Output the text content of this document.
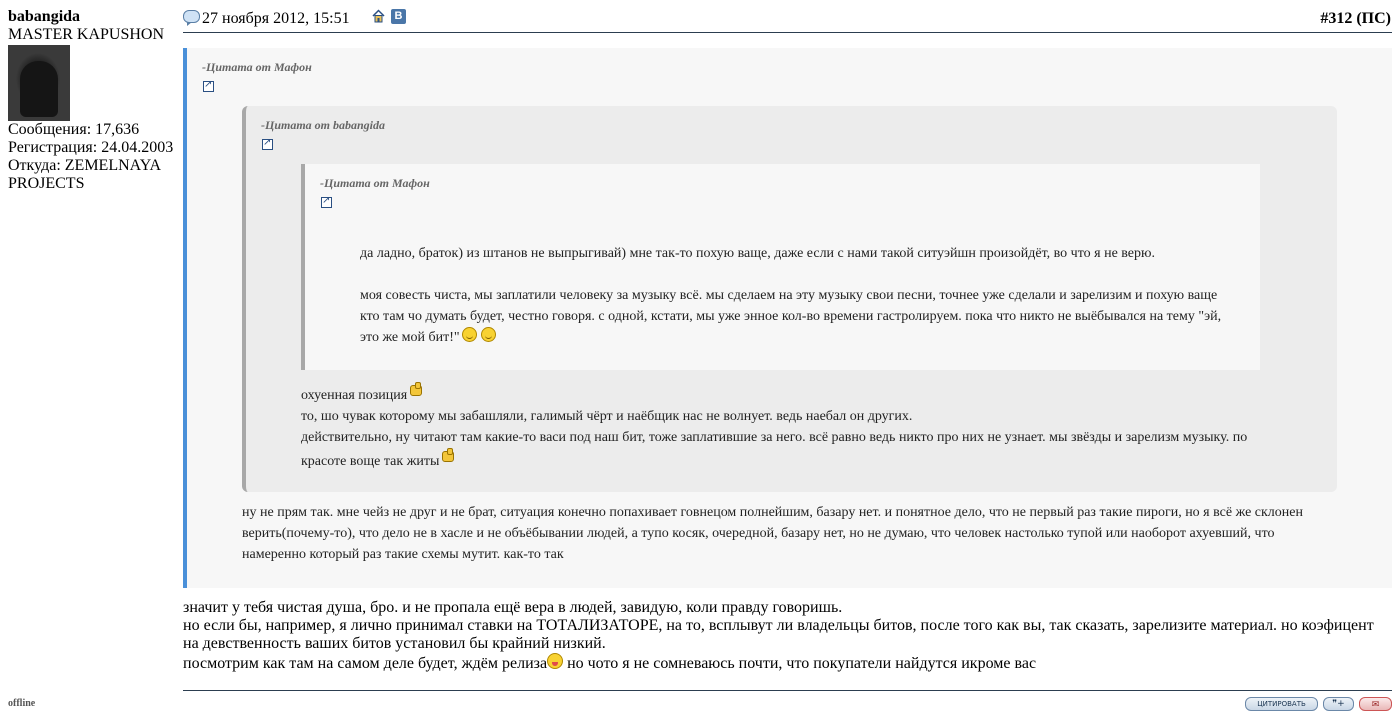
babangida
MASTER KAPUSHON
Сообщения: 17,636
Регистрация: 24.04.2003
Откуда: ZEMELNAYA
PROJECTS
offline
27 ноября 2012, 15:51	В	#312 (ПС)
-Цитата от Мафон
↗
-Цитата от babangida
↗
-Цитата от Мафон
↗
да ладно, браток) из штанов не выпрыгивай) мне так-то похую ваще, даже если с нами такой ситуэйшн произойдёт, во что я не верю.
моя совесть чиста, мы заплатили человеку за музыку всё. мы сделаем на эту музыку свои песни, точнее уже сделали и зарелизим и похую ваще
кто там чо думать будет, честно говоря. с одной, кстати, мы уже энное кол-во времени гастролируем. пока что никто не выёбывался на тему "эй,
это же мой бит!"
охуенная позиция
то, шо чувак которому мы забашляли, галимый чёрт и наёбщик нас не волнует. ведь наебал он других.
действительно, ну читают там какие-то васи под наш бит, тоже заплатившие за него. всё равно ведь никто про них не узнает. мы звёзды и зарелизм музыку. по
красоте вощe так житы
ну не прям так. мне чейз не друг и не брат, ситуация конечно попахивает говнецом полнейшим, базару нет. и понятное дело, что не первый раз такие пироги, но я всё же склонен
верить(почему-то), что дело не в хасле и не объёбывании людей, а тупо косяк, очередной, базару нет, но не думаю, что человек настолько тупой или наоборот ахуевший, что
намеренно который раз такие схемы мутит. как-то так
значит у тебя чистая душа, бро. и не пропала ещё вера в людей, завидую, коли правду говоришь.
но если бы, например, я лично принимал ставки на ТОТАЛИЗАТОРЕ, на то, всплывут ли владельцы битов, после того как вы, так сказать, зарелизите материал. но коэфицент
на девственность ваших битов установил бы крайний низкий.
посмотрим как там на самом деле будет, ждём релиза но чото я не сомневаюсь почти, что покупатели найдутся икроме вас
ЦИТИРОВАТЬ	❞+	✉
